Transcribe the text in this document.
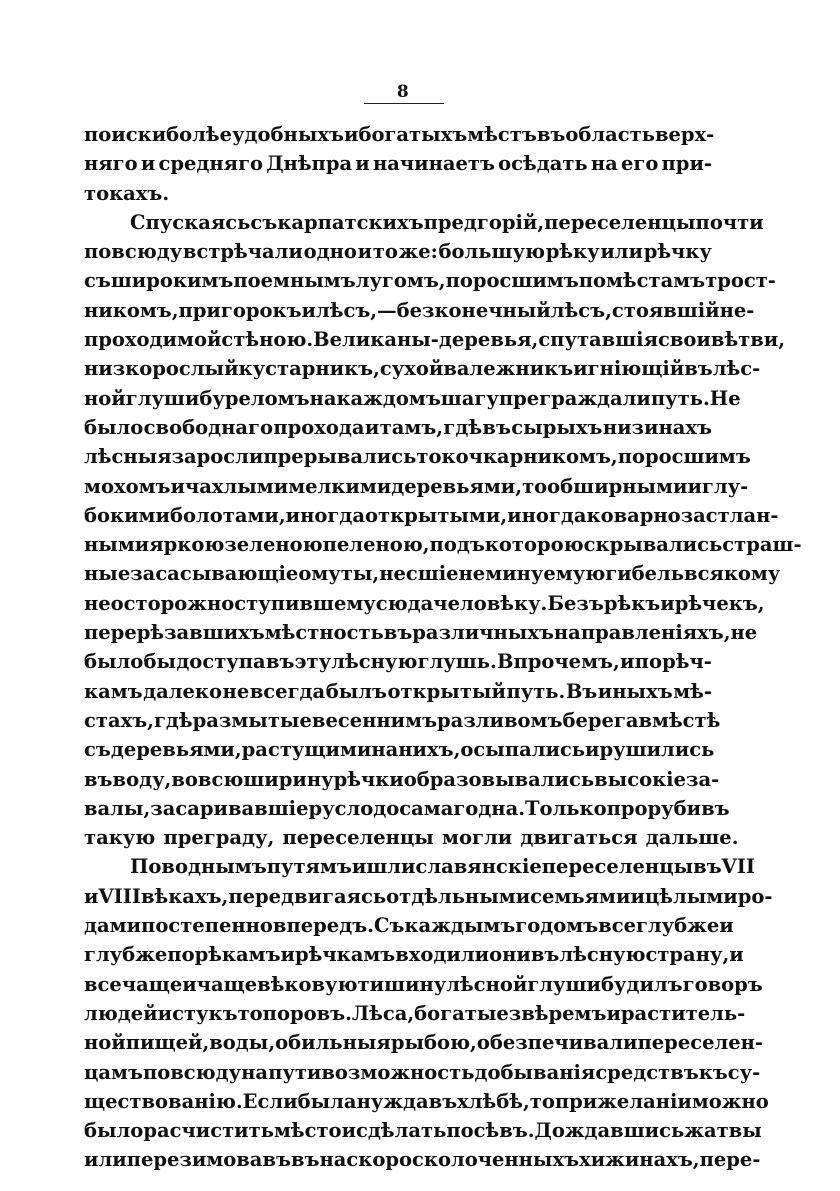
8
поиски болѣе удобныхъ и богатыхъ мѣстъ въ область верх-
няго и средняго Днѣпра и начинаетъ осѣдать на его при-
токахъ.
Спускаясь съ карпатскихъ предгорій, переселенцы почти
повсюду встрѣчали одно и то же: большую рѣку или рѣчку
съ широкимъ поемнымъ лугомъ, поросшимъ по мѣстамъ трост-
никомъ, пригорокъ и лѣсъ, — безконечный лѣсъ, стоявшій не-
проходимой стѣною. Великаны-деревья, спутавшія свои вѣтви,
низкорослый кустарникъ, сухой валежникъ и гніющій въ лѣс-
ной глуши буреломъ на каждомъ шагу преграждали путь. Не
было свободнаго прохода и тамъ, гдѣ въ сырыхъ низинахъ
лѣсныя заросли прерывались то кочкарникомъ, поросшимъ
мохомъ и чахлыми мелкими деревьями, то обширными и глу-
бокими болотами, иногда открытыми, иногда коварно застлан-
ными яркою зеленою пеленою, подъ которою скрывались страш-
ные засасывающіе омуты, несшіе неминуемую гибель всякому
неосторожно ступившему сюда человѣку. Безъ рѣкъ и рѣчекъ,
перерѣзавшихъ мѣстность въ различныхъ направленіяхъ, не
было бы доступа въ эту лѣсную глушь. Впрочемъ, и по рѣч-
камъ далеко не всегда былъ открытый путь. Въ иныхъ мѣ-
стахъ, гдѣ размытые весеннимъ разливомъ берега вмѣстѣ
съ деревьями, растущими на нихъ, осыпались и рушились
въ воду, во всю ширину рѣчки образовывались высокіе за-
валы, засаривавшіе русло до самаго дна. Только прорубивъ
такую преграду, переселенцы могли двигаться дальше.
По воднымъ путямъ и шли славянскіе переселенцы въ VII
и VIII вѣкахъ, передвигаясь отдѣльными семьями и цѣлыми ро-
дами постепенно впередъ. Съ каждымъ годомъ все глубже и
глубже по рѣкамъ и рѣчкамъ входили они въ лѣсную страну, и
все чаще и чаще вѣковую тишину лѣсной глуши будилъ говоръ
людей и стукъ топоровъ. Лѣса, богатые звѣремъ и раститель-
ной пищей, воды, обильныя рыбою, обезпечивали переселен-
цамъ повсюду на пути возможность добыванія средствъ къ су-
ществованію. Если была нужда въ хлѣбѣ, то при желаніи можно
было расчистить мѣсто и сдѣлать посѣвъ. Дождавшись жатвы
или перезимовавъ въ наскоро сколоченныхъ хижинахъ, пере-
